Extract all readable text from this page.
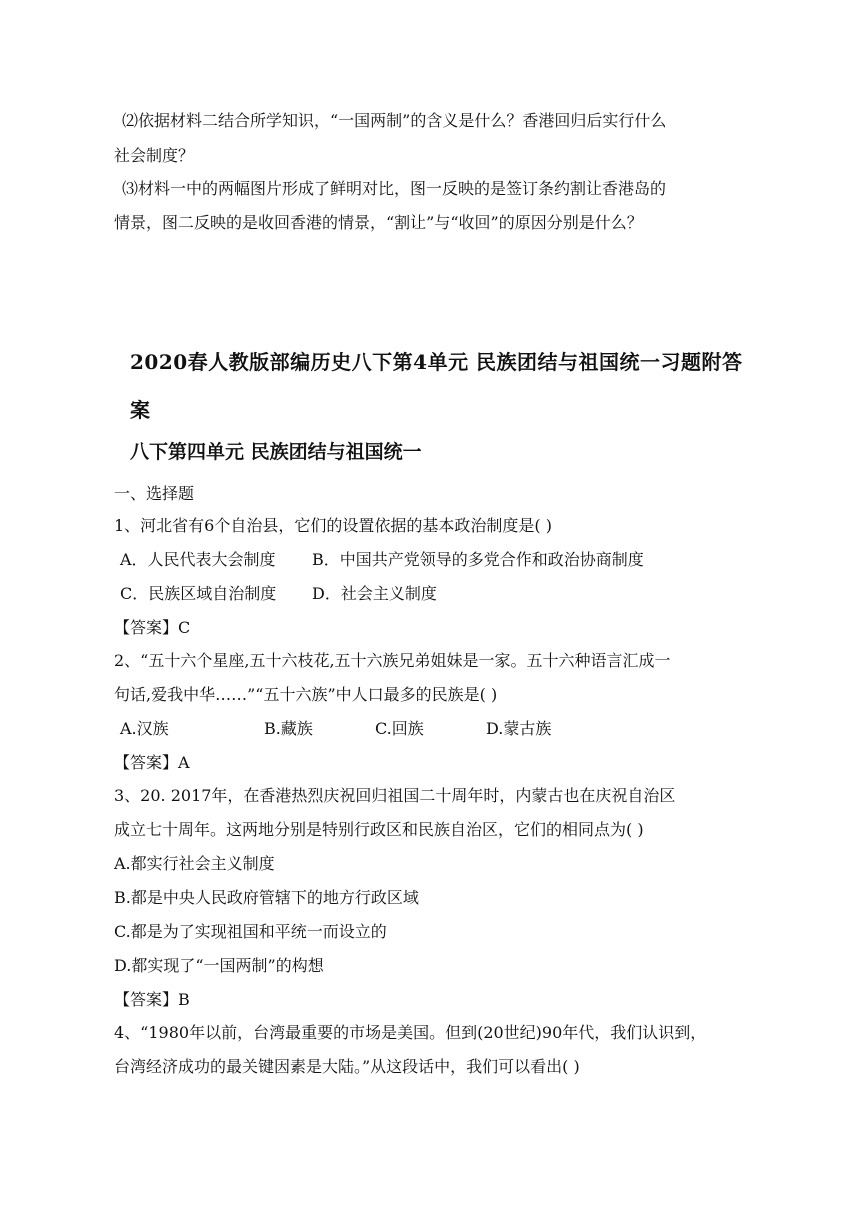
⑵依据材料二结合所学知识，“一国两制”的含义是什么？香港回归后实行什么
社会制度？
⑶材料一中的两幅图片形成了鲜明对比，图一反映的是签订条约割让香港岛的
情景，图二反映的是收回香港的情景，“割让”与“收回”的原因分别是什么？
2020春人教版部编历史八下第4单元 民族团结与祖国统一习题附答
案
八下第四单元 民族团结与祖国统一
一、选择题
1、河北省有6个自治县，它们的设置依据的基本政治制度是( )
A．人民代表大会制度 B．中国共产党领导的多党合作和政治协商制度
C．民族区域自治制度 D．社会主义制度
【答案】C
2、“五十六个星座,五十六枝花,五十六族兄弟姐妹是一家。五十六种语言汇成一
句话,爱我中华……”“五十六族”中人口最多的民族是( )
A.汉族	B.藏族	C.回族	D.蒙古族
【答案】A
3、20. 2017年，在香港热烈庆祝回归祖国二十周年时，内蒙古也在庆祝自治区
成立七十周年。这两地分别是特别行政区和民族自治区，它们的相同点为( )
A.都实行社会主义制度
B.都是中央人民政府管辖下的地方行政区域
C.都是为了实现祖国和平统一而设立的
D.都实现了“一国两制”的构想
【答案】B
4、“1980年以前，台湾最重要的市场是美国。但到(20世纪)90年代，我们认识到，
台湾经济成功的最关键因素是大陆。”从这段话中，我们可以看出( )
